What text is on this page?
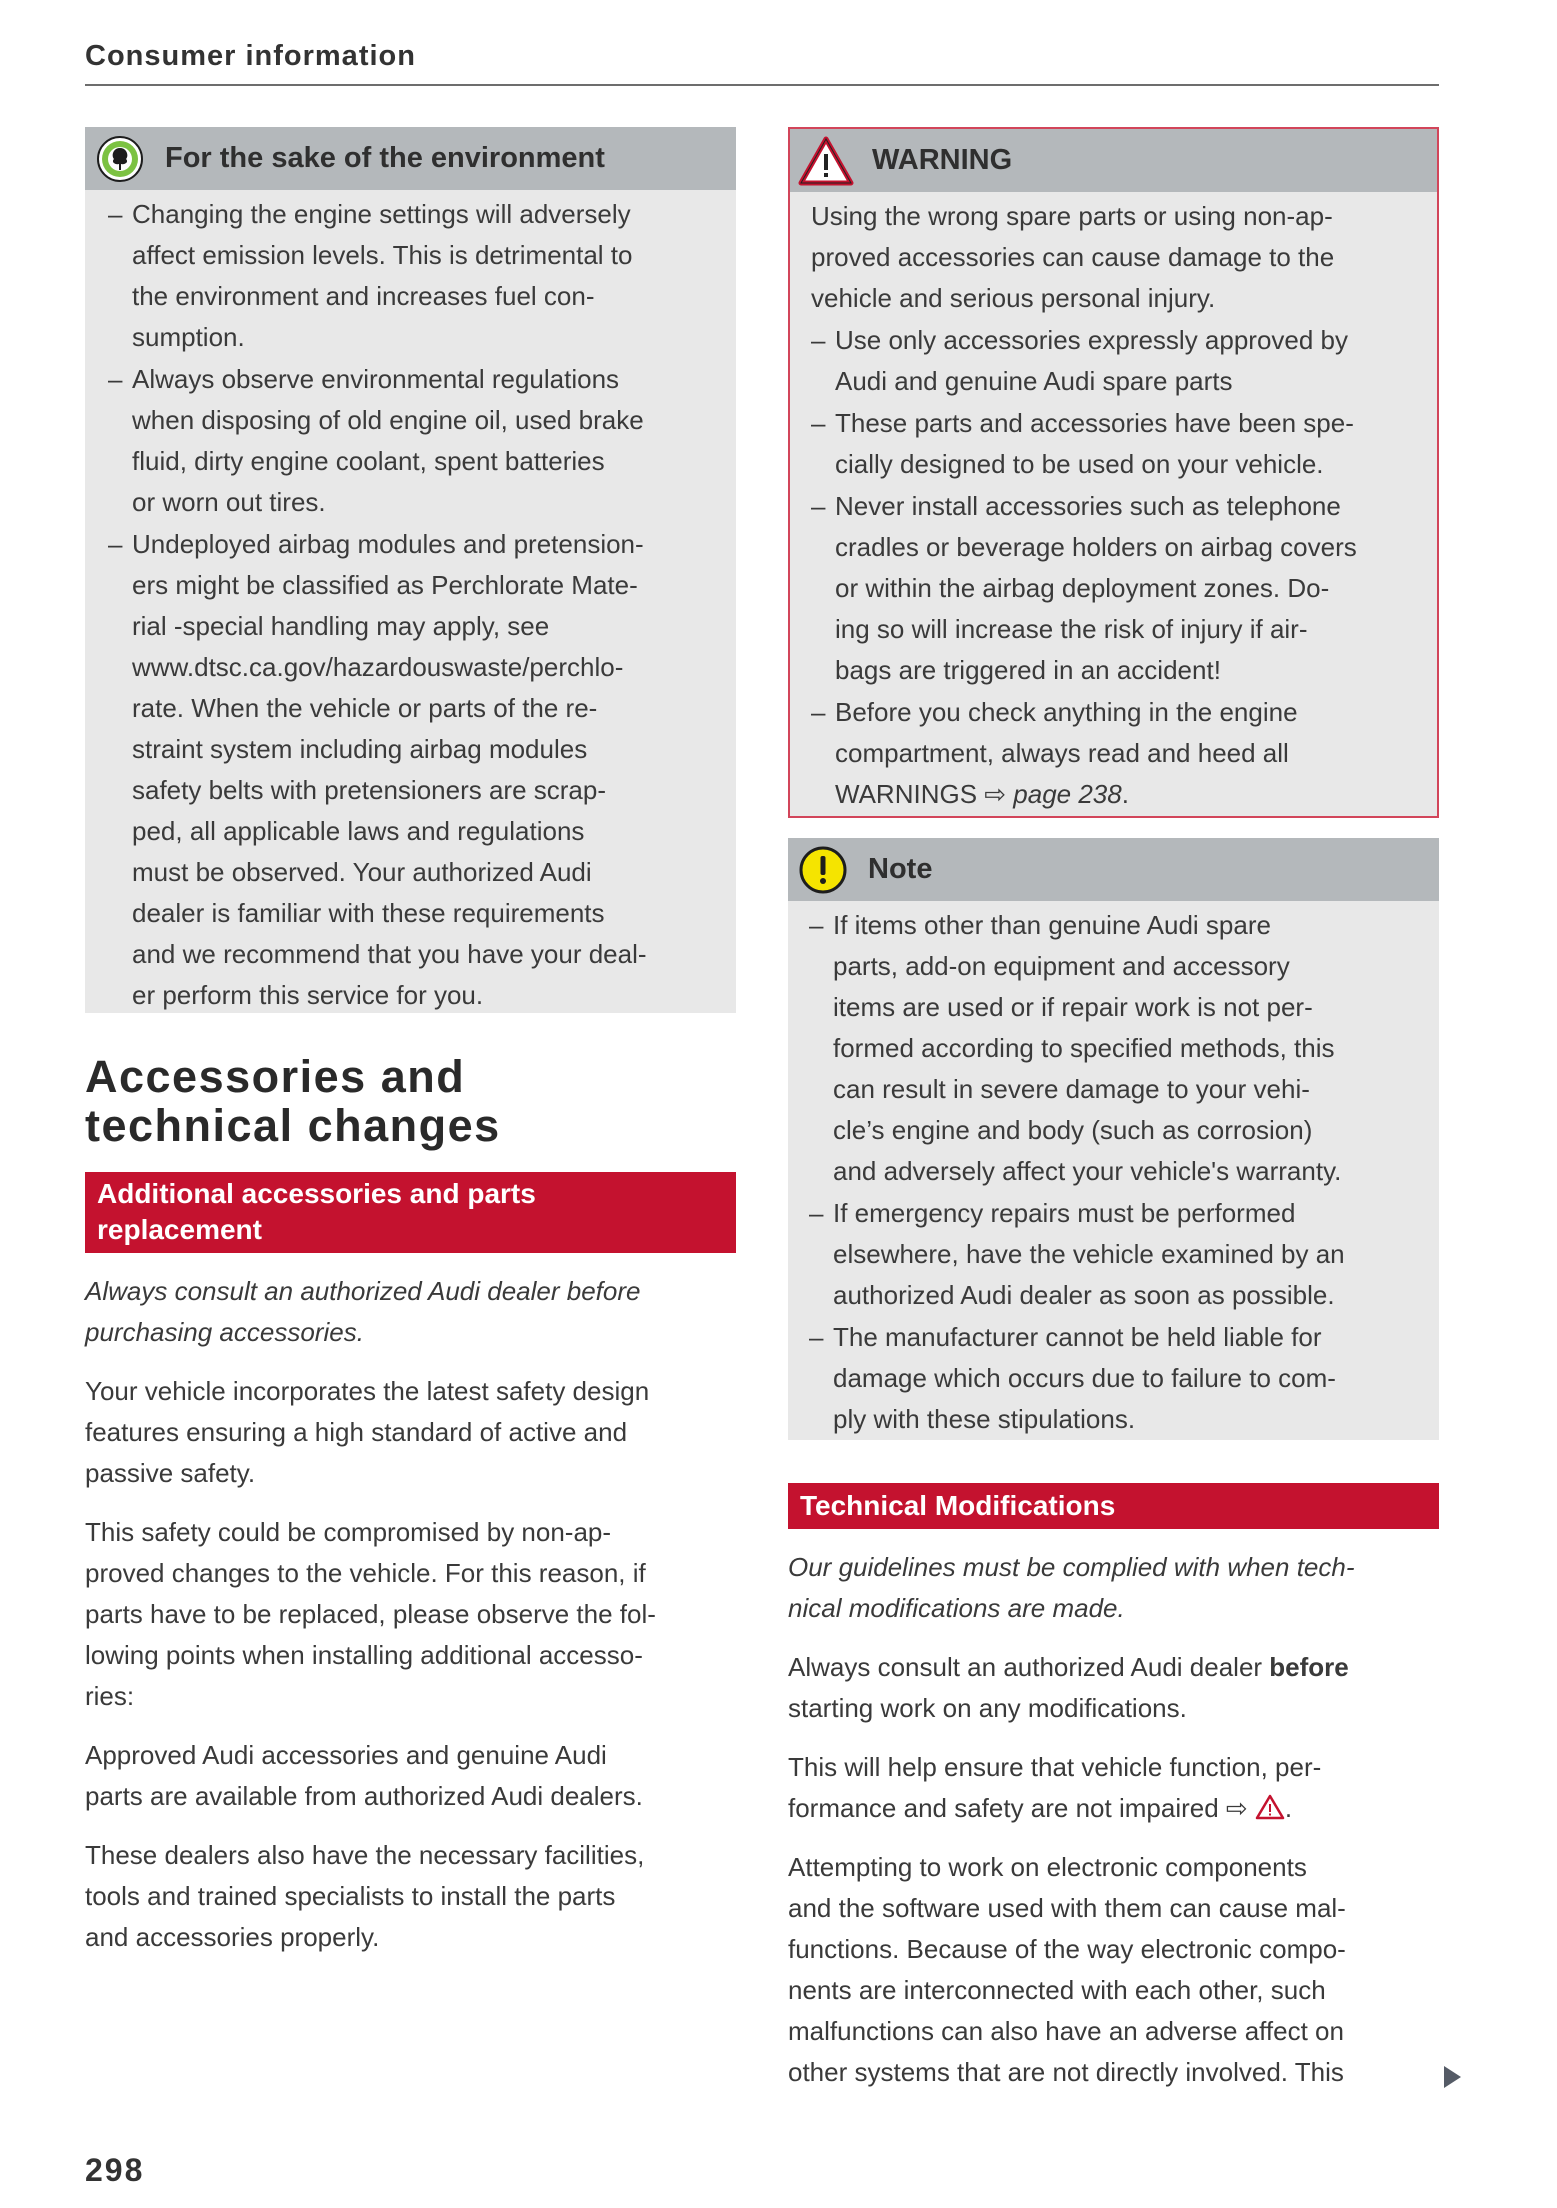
Consumer information
For the sake of the environment
– Changing the engine settings will adversely
affect emission levels. This is detrimental to
the environment and increases fuel con-
sumption.
– Always observe environmental regulations
when disposing of old engine oil, used brake
fluid, dirty engine coolant, spent batteries
or worn out tires.
– Undeployed airbag modules and pretension-
ers might be classified as Perchlorate Mate-
rial -special handling may apply, see
www.dtsc.ca.gov/hazardouswaste/perchlo-
rate. When the vehicle or parts of the re-
straint system including airbag modules
safety belts with pretensioners are scrap-
ped, all applicable laws and regulations
must be observed. Your authorized Audi
dealer is familiar with these requirements
and we recommend that you have your deal-
er perform this service for you.
Accessories and
technical changes
Additional accessories and parts
replacement
Always consult an authorized Audi dealer before
purchasing accessories.
Your vehicle incorporates the latest safety design
features ensuring a high standard of active and
passive safety.
This safety could be compromised by non-ap-
proved changes to the vehicle. For this reason, if
parts have to be replaced, please observe the fol-
lowing points when installing additional accesso-
ries:
Approved Audi accessories and genuine Audi
parts are available from authorized Audi dealers.
These dealers also have the necessary facilities,
tools and trained specialists to install the parts
and accessories properly.
WARNING
Using the wrong spare parts or using non-ap-
proved accessories can cause damage to the
vehicle and serious personal injury.
– Use only accessories expressly approved by
Audi and genuine Audi spare parts
– These parts and accessories have been spe-
cially designed to be used on your vehicle.
– Never install accessories such as telephone
cradles or beverage holders on airbag covers
or within the airbag deployment zones. Do-
ing so will increase the risk of injury if air-
bags are triggered in an accident!
– Before you check anything in the engine
compartment, always read and heed all
WARNINGS ⇨ page 238.
Note
– If items other than genuine Audi spare
parts, add-on equipment and accessory
items are used or if repair work is not per-
formed according to specified methods, this
can result in severe damage to your vehi-
cle’s engine and body (such as corrosion)
and adversely affect your vehicle's warranty.
– If emergency repairs must be performed
elsewhere, have the vehicle examined by an
authorized Audi dealer as soon as possible.
– The manufacturer cannot be held liable for
damage which occurs due to failure to com-
ply with these stipulations.
Technical Modifications
Our guidelines must be complied with when tech-
nical modifications are made.
Always consult an authorized Audi dealer before
starting work on any modifications.
This will help ensure that vehicle function, per-
formance and safety are not impaired ⇨ .
Attempting to work on electronic components
and the software used with them can cause mal-
functions. Because of the way electronic compo-
nents are interconnected with each other, such
malfunctions can also have an adverse affect on
other systems that are not directly involved. This
298
